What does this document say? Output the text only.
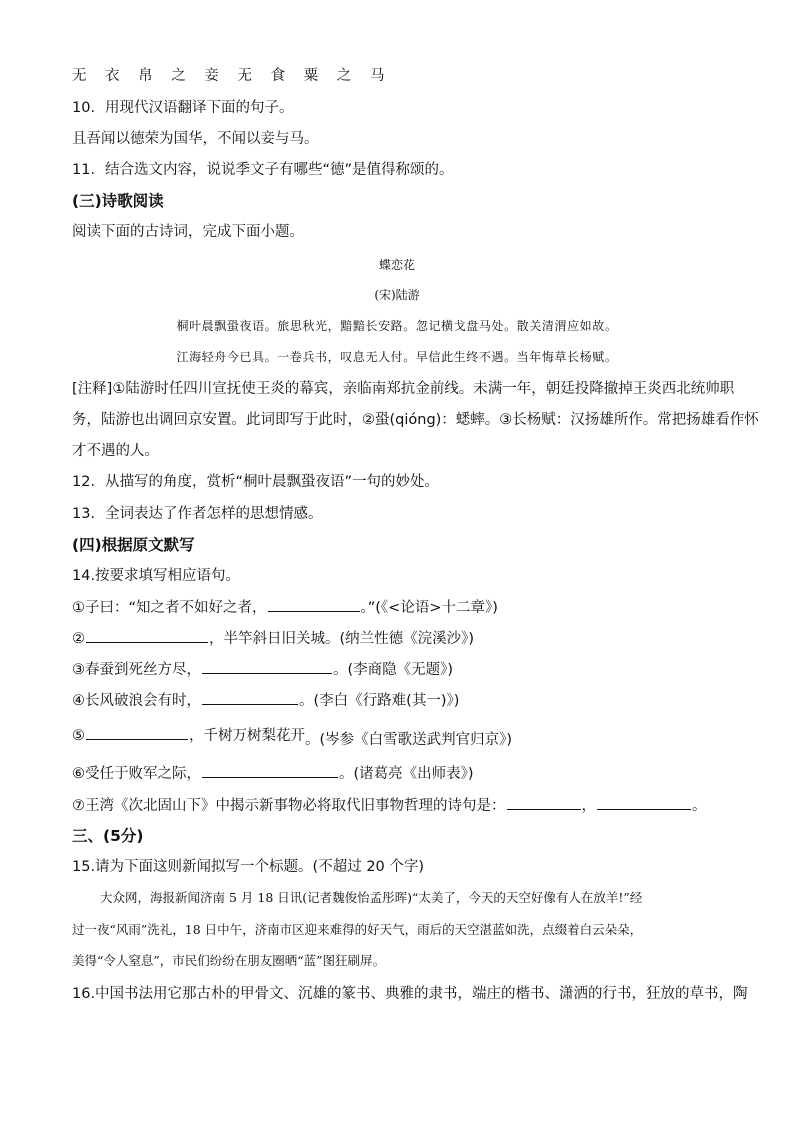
无 衣 帛 之 妾 无 食 粟 之 马
10．用现代汉语翻译下面的句子。
且吾闻以德荣为国华，不闻以妾与马。
11．结合选文内容，说说季文子有哪些“德”是值得称颂的。
(三)诗歌阅读
阅读下面的古诗词，完成下面小题。
蝶恋花
(宋)陆游
桐叶晨飘蛩夜语。旅思秋光，黯黯长安路。忽记横戈盘马处。散关清渭应如故。
江海轻舟今已具。一卷兵书，叹息无人付。早信此生终不遇。当年悔草长杨赋。
[注释]①陆游时任四川宣抚使王炎的幕宾，亲临南郑抗金前线。未满一年，朝廷投降撤掉王炎西北统帅职
务，陆游也出调回京安置。此词即写于此时，②蛩(qióng)：蟋蟀。③长杨赋：汉扬雄所作。常把扬雄看作怀
才不遇的人。
12．从描写的角度，赏析“桐叶晨飘蛩夜语”一句的妙处。
13．全词表达了作者怎样的思想情感。
(四)根据原文默写
14.按要求填写相应语句。
①子曰：“知之者不如好之者，	。”(《<论语>十二章》)
②	，半竿斜日旧关城。(纳兰性德《浣溪沙》)
③春蚕到死丝方尽，	。(李商隐《无题》)
④长风破浪会有时，	。(李白《行路难(其一)》)
⑤	，千树万树梨花开。(岑参《白雪歌送武判官归京》)
⑥受任于败军之际，	。(诸葛亮《出师表》)
⑦王湾《次北固山下》中揭示新事物必将取代旧事物哲理的诗句是：	，	。
三、(5分)
15.请为下面这则新闻拟写一个标题。(不超过 20 个字)
大众网，海报新闻济南 5 月 18 日讯(记者魏俊怡孟彤晖)“太美了，今天的天空好像有人在放羊!”经
过一夜“风雨”洗礼，18 日中午，济南市区迎来难得的好天气，雨后的天空湛蓝如洗，点缀着白云朵朵，
美得“令人窒息”，市民们纷纷在朋友圈晒“蓝”图狂刷屏。
16.中国书法用它那古朴的甲骨文、沉雄的篆书、典雅的隶书，端庄的楷书、潇洒的行书，狂放的草书，陶
